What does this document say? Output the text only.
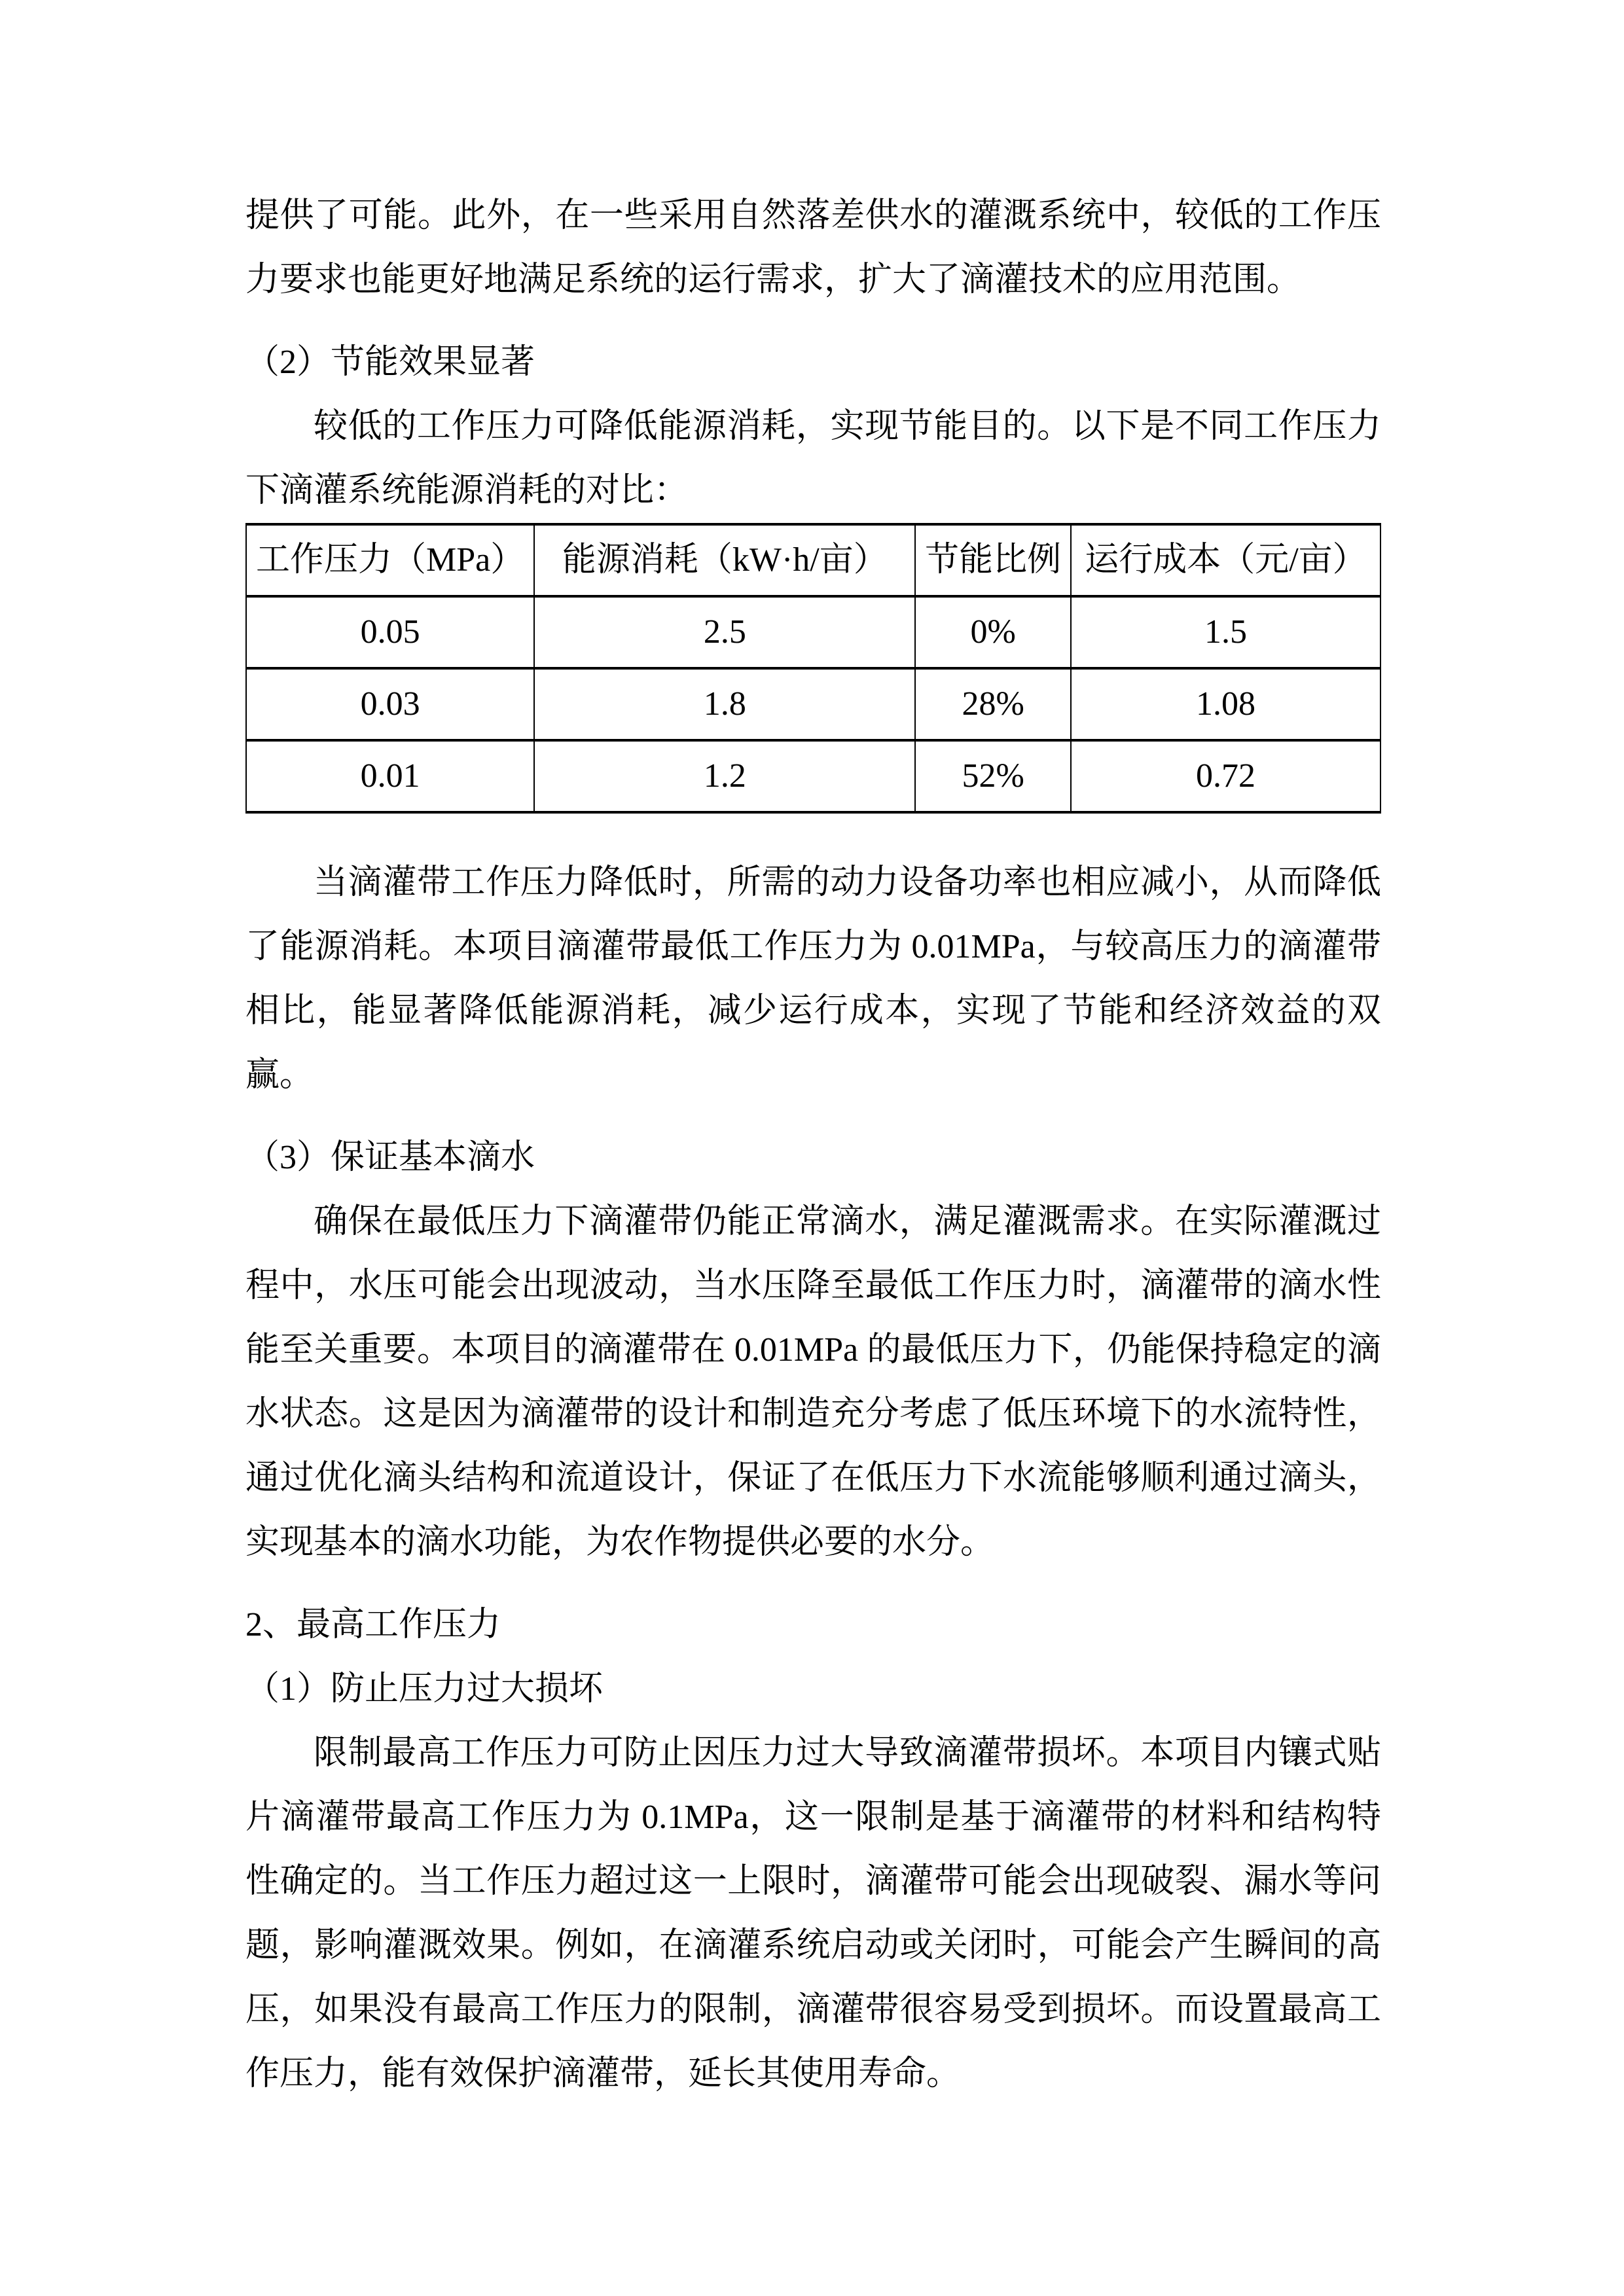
提供了可能。此外，在一些采用自然落差供水的灌溉系统中，较低的工作压力要求也能更好地满足系统的运行需求，扩大了滴灌技术的应用范围。

（2）节能效果显著

较低的工作压力可降低能源消耗，实现节能目的。以下是不同工作压力下滴灌系统能源消耗的对比：

工作压力（MPa）	能源消耗（kW·h/亩）	节能比例	运行成本（元/亩）
0.05	2.5	0%	1.5
0.03	1.8	28%	1.08
0.01	1.2	52%	0.72

当滴灌带工作压力降低时，所需的动力设备功率也相应减小，从而降低了能源消耗。本项目滴灌带最低工作压力为 0.01MPa，与较高压力的滴灌带相比，能显著降低能源消耗，减少运行成本，实现了节能和经济效益的双赢。

（3）保证基本滴水

确保在最低压力下滴灌带仍能正常滴水，满足灌溉需求。在实际灌溉过程中，水压可能会出现波动，当水压降至最低工作压力时，滴灌带的滴水性能至关重要。本项目的滴灌带在 0.01MPa 的最低压力下，仍能保持稳定的滴水状态。这是因为滴灌带的设计和制造充分考虑了低压环境下的水流特性，通过优化滴头结构和流道设计，保证了在低压力下水流能够顺利通过滴头，实现基本的滴水功能，为农作物提供必要的水分。

2、最高工作压力

（1）防止压力过大损坏

限制最高工作压力可防止因压力过大导致滴灌带损坏。本项目内镶式贴片滴灌带最高工作压力为 0.1MPa，这一限制是基于滴灌带的材料和结构特性确定的。当工作压力超过这一上限时，滴灌带可能会出现破裂、漏水等问题，影响灌溉效果。例如，在滴灌系统启动或关闭时，可能会产生瞬间的高压，如果没有最高工作压力的限制，滴灌带很容易受到损坏。而设置最高工作压力，能有效保护滴灌带，延长其使用寿命。
